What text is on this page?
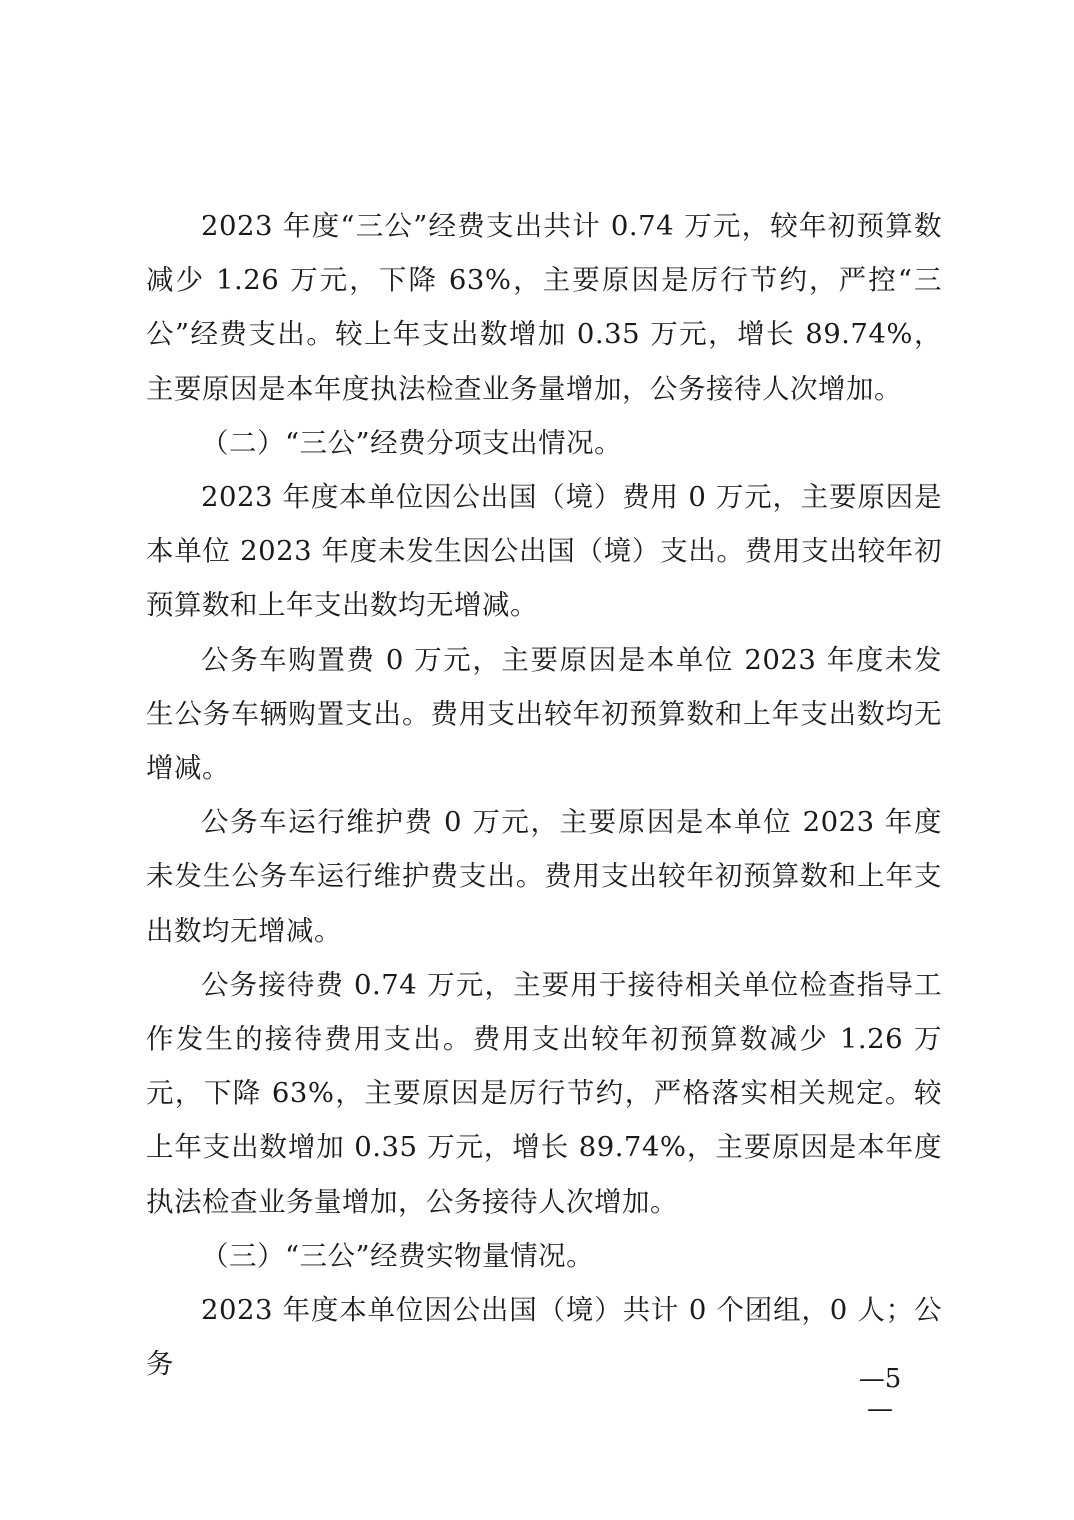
2023 年度“三公”经费支出共计 0.74 万元，较年初预算数减少 1.26 万元，下降 63%，主要原因是厉行节约，严控“三公”经费支出。较上年支出数增加 0.35 万元，增长 89.74%，主要原因是本年度执法检查业务量增加，公务接待人次增加。

（二）“三公”经费分项支出情况。

2023 年度本单位因公出国（境）费用 0 万元，主要原因是本单位 2023 年度未发生因公出国（境）支出。费用支出较年初预算数和上年支出数均无增减。

公务车购置费 0 万元，主要原因是本单位 2023 年度未发生公务车辆购置支出。费用支出较年初预算数和上年支出数均无增减。

公务车运行维护费 0 万元，主要原因是本单位 2023 年度未发生公务车运行维护费支出。费用支出较年初预算数和上年支出数均无增减。

公务接待费 0.74 万元，主要用于接待相关单位检查指导工作发生的接待费用支出。费用支出较年初预算数减少 1.26 万元，下降 63%，主要原因是厉行节约，严格落实相关规定。较上年支出数增加 0.35 万元，增长 89.74%，主要原因是本年度执法检查业务量增加，公务接待人次增加。

（三）“三公”经费实物量情况。

2023 年度本单位因公出国（境）共计 0 个团组，0 人；公务	—5—
